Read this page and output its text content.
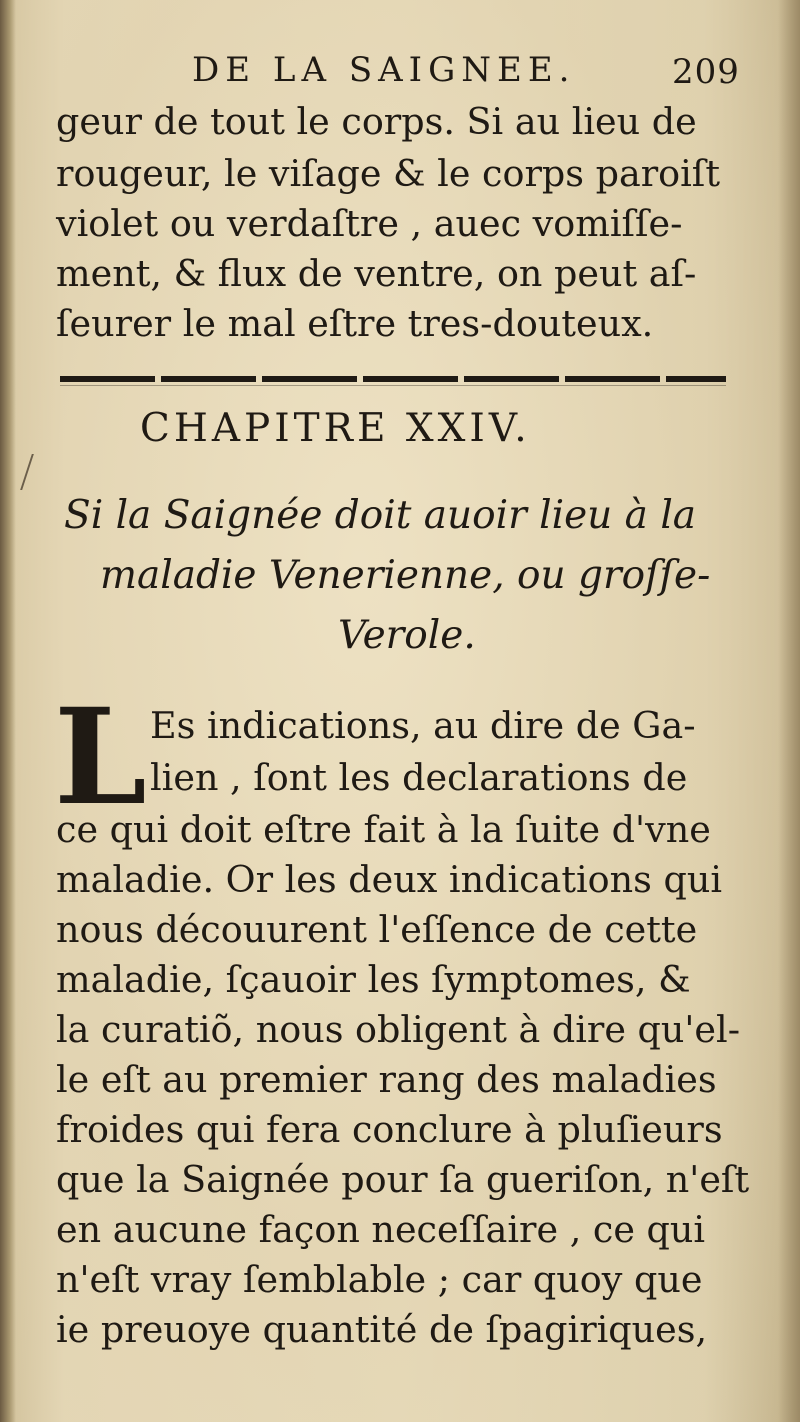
DE LA SAIGNEE.	209
geur de tout le corps. Si au lieu de
rougeur, le viſage & le corps paroiſt
violet ou verdaſtre , auec vomiſſe-
ment, & flux de ventre, on peut aſ-
ſeurer le mal eſtre tres-douteux.
CHAPITRE XXIV.
Si la Saignée doit auoir lieu à la
maladie Venerienne, ou groſſe-
Verole.
L Es indications, au dire de Ga-
lien , ſont les declarations de
ce qui doit eſtre fait à la ſuite d'vne
maladie. Or les deux indications qui
nous découurent l'eſſence de cette
maladie, ſçauoir les ſymptomes, &
la curatiõ, nous obligent à dire qu'el-
le eſt au premier rang des maladies
froides qui fera conclure à pluſieurs
que la Saignée pour ſa gueriſon, n'eſt
en aucune façon neceſſaire , ce qui
n'eſt vray ſemblable ; car quoy que
ie preuoye quantité de ſpagiriques,
